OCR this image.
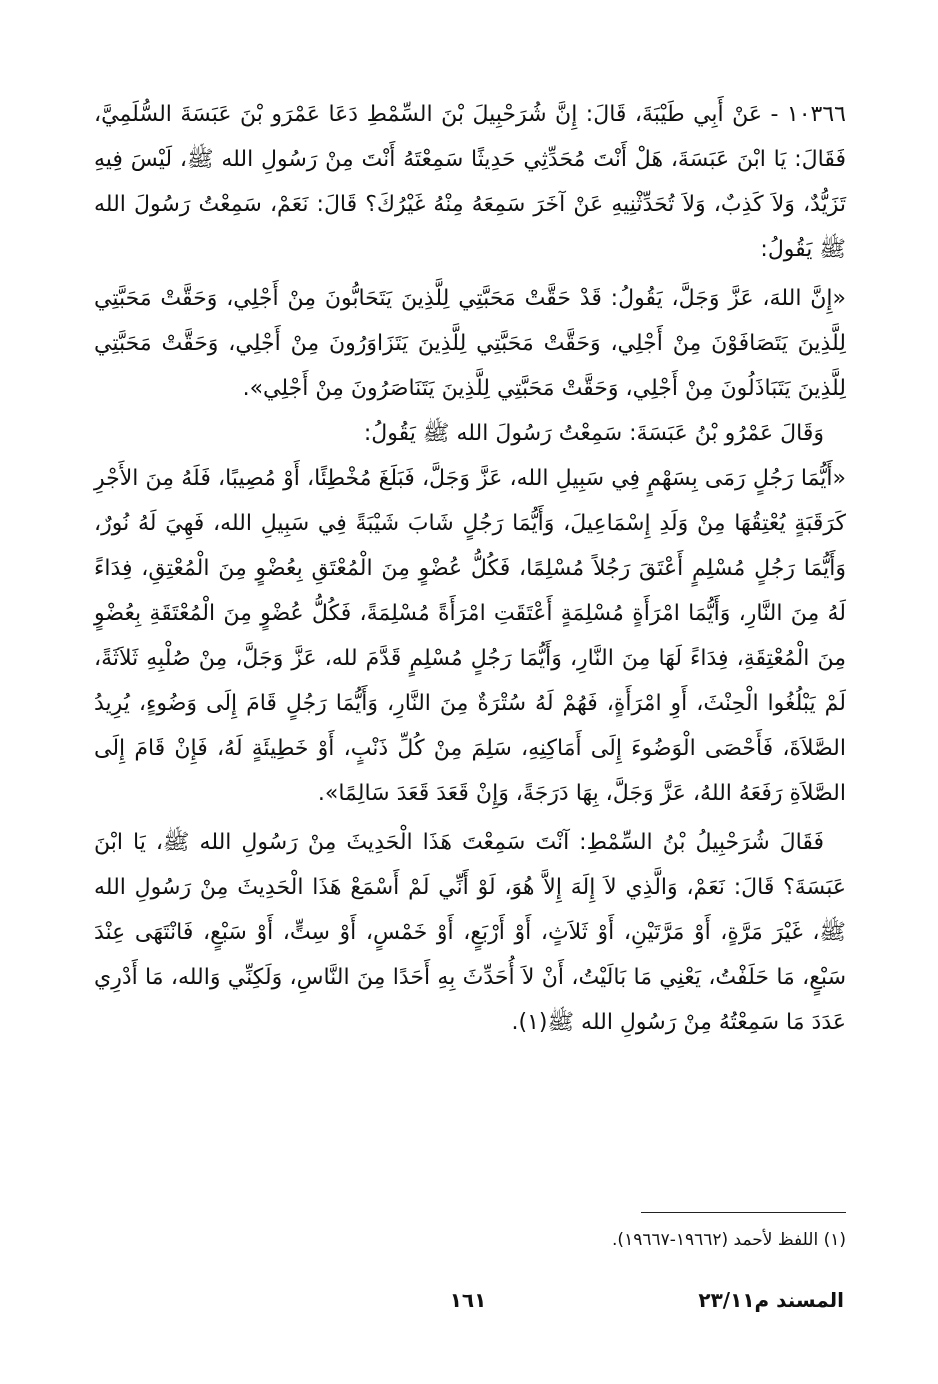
١٠٣٦٦ - عَنْ أَبِي طَيْبَةَ، قَالَ: إِنَّ شُرَحْبِيلَ بْنَ السِّمْطِ دَعَا عَمْرَو بْنَ عَبَسَةَ السُّلَمِيَّ، فَقَالَ: يَا ابْنَ عَبَسَةَ، هَلْ أَنْتَ مُحَدِّثِي حَدِيثًا سَمِعْتَهُ أَنْتَ مِنْ رَسُولِ الله ﷺ، لَيْسَ فِيهِ تَزَيُّدٌ، وَلاَ كَذِبٌ، وَلاَ تُحَدِّثْنِيهِ عَنْ آخَرَ سَمِعَهُ مِنْهُ غَيْرُكَ؟ قَالَ: نَعَمْ، سَمِعْتُ رَسُولَ الله ﷺ يَقُولُ:

«إِنَّ اللهَ، عَزَّ وَجَلَّ، يَقُولُ: قَدْ حَقَّتْ مَحَبَّتِي لِلَّذِينَ يَتَحَابُّونَ مِنْ أَجْلِي، وَحَقَّتْ مَحَبَّتِي لِلَّذِينَ يَتَصَافَوْنَ مِنْ أَجْلِي، وَحَقَّتْ مَحَبَّتِي لِلَّذِينَ يَتَزَاوَرُونَ مِنْ أَجْلِي، وَحَقَّتْ مَحَبَّتِي لِلَّذِينَ يَتَبَاذَلُونَ مِنْ أَجْلِي، وَحَقَّتْ مَحَبَّتِي لِلَّذِينَ يَتَنَاصَرُونَ مِنْ أَجْلِي».

وَقَالَ عَمْرُو بْنُ عَبَسَةَ: سَمِعْتُ رَسُولَ الله ﷺ يَقُولُ:

«أَيُّمَا رَجُلٍ رَمَى بِسَهْمٍ فِي سَبِيلِ الله، عَزَّ وَجَلَّ، فَبَلَغَ مُخْطِئًا، أَوْ مُصِيبًا، فَلَهُ مِنَ الأَجْرِ كَرَقَبَةٍ يُعْتِقُهَا مِنْ وَلَدِ إِسْمَاعِيلَ، وَأَيُّمَا رَجُلٍ شَابَ شَيْبَةً فِي سَبِيلِ الله، فَهِيَ لَهُ نُورٌ، وَأَيُّمَا رَجُلٍ مُسْلِمٍ أَعْتَقَ رَجُلاً مُسْلِمًا، فَكُلُّ عُضْوٍ مِنَ الْمُعْتَقِ بِعُضْوٍ مِنَ الْمُعْتِقِ، فِدَاءً لَهُ مِنَ النَّارِ، وَأَيُّمَا امْرَأَةٍ مُسْلِمَةٍ أَعْتَقَتِ امْرَأَةً مُسْلِمَةً، فَكُلُّ عُضْوٍ مِنَ الْمُعْتَقَةِ بِعُضْوٍ مِنَ الْمُعْتِقَةِ، فِدَاءً لَهَا مِنَ النَّارِ، وَأَيُّمَا رَجُلٍ مُسْلِمٍ قَدَّمَ لله، عَزَّ وَجَلَّ، مِنْ صُلْبِهِ ثَلاَثَةً، لَمْ يَبْلُغُوا الْحِنْثَ، أَوِ امْرَأَةٍ، فَهُمْ لَهُ سُتْرَةٌ مِنَ النَّارِ، وَأَيُّمَا رَجُلٍ قَامَ إِلَى وَضُوءٍ، يُرِيدُ الصَّلاَةَ، فَأَحْصَى الْوَضُوءَ إِلَى أَمَاكِنِهِ، سَلِمَ مِنْ كُلِّ ذَنْبٍ، أَوْ خَطِيئَةٍ لَهُ، فَإِنْ قَامَ إِلَى الصَّلاَةِ رَفَعَهُ اللهُ، عَزَّ وَجَلَّ، بِهَا دَرَجَةً، وَإِنْ قَعَدَ قَعَدَ سَالِمًا».

فَقَالَ شُرَحْبِيلُ بْنُ السِّمْطِ: آنْتَ سَمِعْتَ هَذَا الْحَدِيثَ مِنْ رَسُولِ الله ﷺ، يَا ابْنَ عَبَسَةَ؟ قَالَ: نَعَمْ، وَالَّذِي لاَ إِلَهَ إِلاَّ هُوَ، لَوْ أَنِّي لَمْ أَسْمَعْ هَذَا الْحَدِيثَ مِنْ رَسُولِ الله ﷺ، غَيْرَ مَرَّةٍ، أَوْ مَرَّتَيْنِ، أَوْ ثَلاَثٍ، أَوْ أَرْبَعٍ، أَوْ خَمْسٍ، أَوْ سِتٍّ، أَوْ سَبْعٍ، فَانْتَهَى عِنْدَ سَبْعٍ، مَا حَلَفْتُ، يَعْنِي مَا بَالَيْتُ، أَنْ لاَ أُحَدِّثَ بِهِ أَحَدًا مِنَ النَّاسِ، وَلَكِنِّي وَالله، مَا أَدْرِي عَدَدَ مَا سَمِعْتُهُ مِنْ رَسُولِ الله ﷺ(١).

(١) اللفظ لأحمد (١٩٦٦٢-١٩٦٦٧).
المسند م٢٣/١١
١٦١
